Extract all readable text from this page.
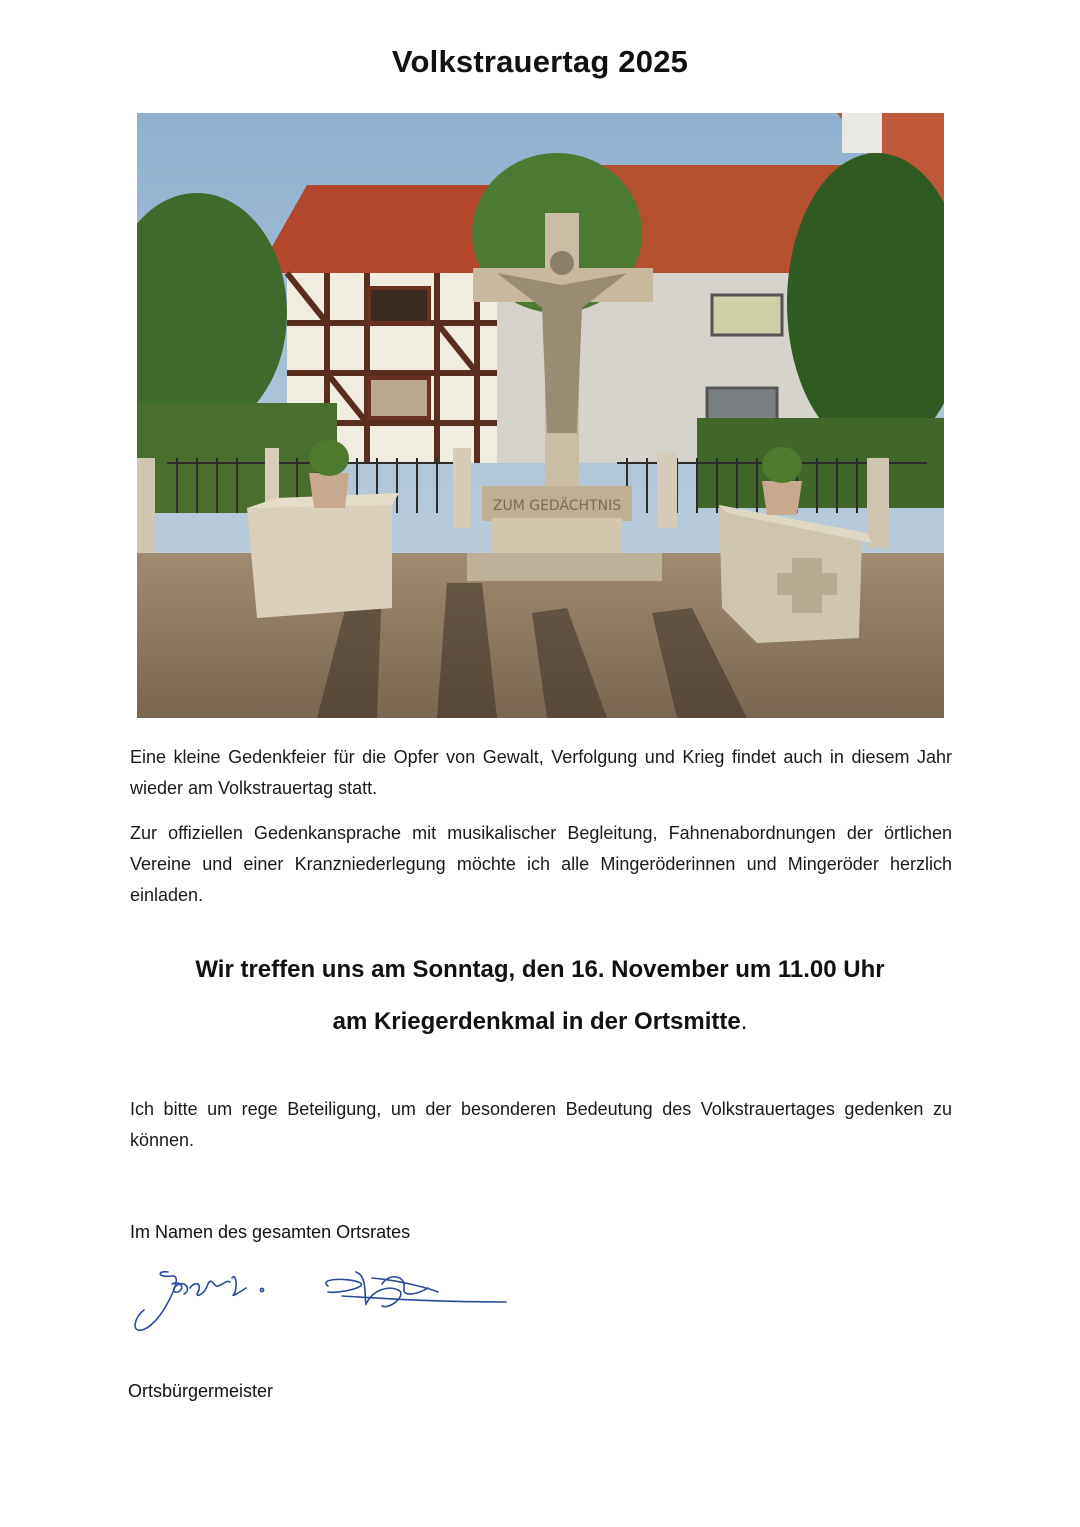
Volkstrauertag 2025
ZUM GEDÄCHTNIS
Eine kleine Gedenkfeier für die Opfer von Gewalt, Verfolgung und Krieg findet auch in diesem Jahr wieder am Volkstrauertag statt.
Zur offiziellen Gedenkansprache mit musikalischer Begleitung, Fahnenabordnungen der örtlichen Vereine und einer Kranzniederlegung möchte ich alle Mingeröderinnen und Mingeröder herzlich einladen.
Wir treffen uns am Sonntag, den 16. November um 11.00 Uhr
am Kriegerdenkmal in der Ortsmitte.
Ich bitte um rege Beteiligung, um der besonderen Bedeutung des Volkstrauertages gedenken zu können.
Im Namen des gesamten Ortsrates
Ortsbürgermeister
